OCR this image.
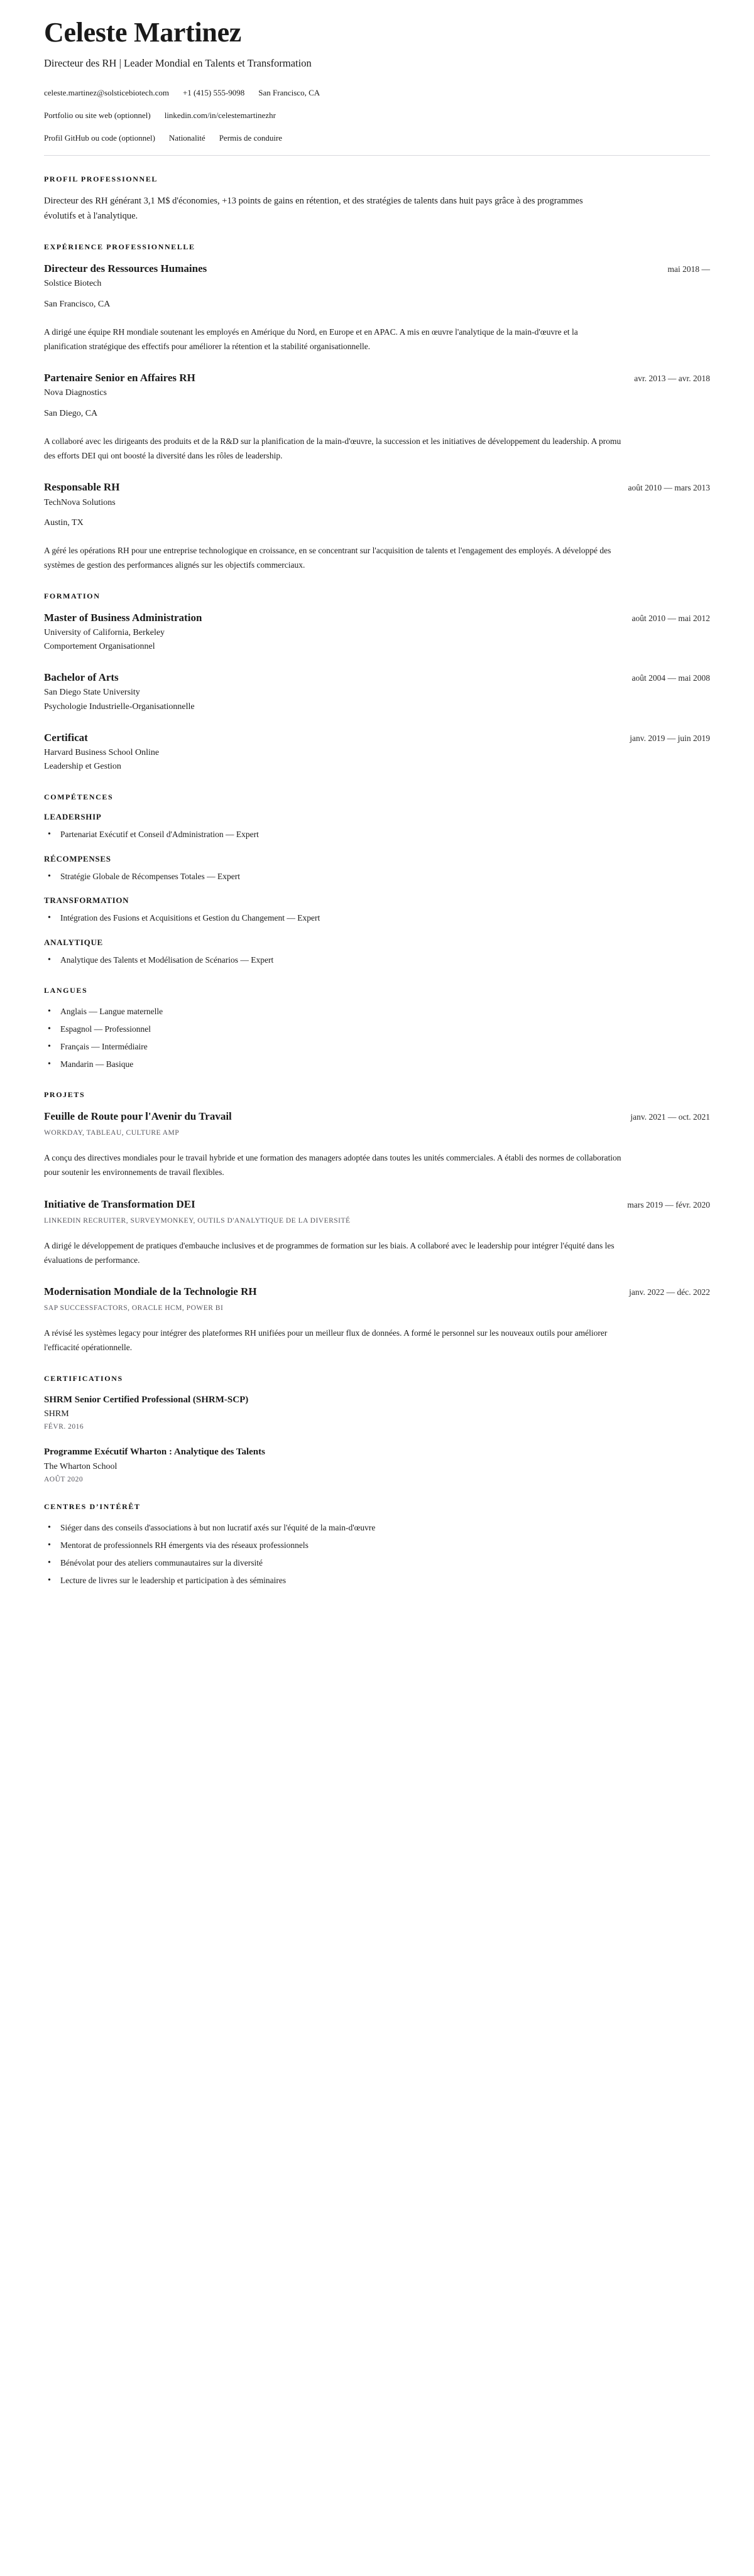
Celeste Martinez

Directeur des RH | Leader Mondial en Talents et Transformation

celeste.martinez@solsticebiotech.com +1 (415) 555-9098 San Francisco, CA
Portfolio ou site web (optionnel) linkedin.com/in/celestemartinezhr
Profil GitHub ou code (optionnel) Nationalité Permis de conduire
PROFIL PROFESSIONNEL

Directeur des RH générant 3,1 M$ d'économies, +13 points de gains en rétention, et des stratégies de talents dans huit pays grâce à des programmes évolutifs et à l'analytique.

EXPÉRIENCE PROFESSIONNELLE
Directeur des Ressources Humaines	mai 2018 —

Solstice Biotech

San Francisco, CA

A dirigé une équipe RH mondiale soutenant les employés en Amérique du Nord, en Europe et en APAC. A mis en œuvre l'analytique de la main-d'œuvre et la planification stratégique des effectifs pour améliorer la rétention et la stabilité organisationnelle.

Partenaire Senior en Affaires RH	avr. 2013 — avr. 2018

Nova Diagnostics

San Diego, CA

A collaboré avec les dirigeants des produits et de la R&D sur la planification de la main-d'œuvre, la succession et les initiatives de développement du leadership. A promu des efforts DEI qui ont boosté la diversité dans les rôles de leadership.

Responsable RH	août 2010 — mars 2013

TechNova Solutions

Austin, TX

A géré les opérations RH pour une entreprise technologique en croissance, en se concentrant sur l'acquisition de talents et l'engagement des employés. A développé des systèmes de gestion des performances alignés sur les objectifs commerciaux.

FORMATION
Master of Business Administration	août 2010 — mai 2012

University of California, Berkeley

Comportement Organisationnel

Bachelor of Arts	août 2004 — mai 2008

San Diego State University

Psychologie Industrielle-Organisationnelle

Certificat	janv. 2019 — juin 2019

Harvard Business School Online

Leadership et Gestion

COMPÉTENCES
LEADERSHIP
• Partenariat Exécutif et Conseil d'Administration — Expert
RÉCOMPENSES
• Stratégie Globale de Récompenses Totales — Expert
TRANSFORMATION
• Intégration des Fusions et Acquisitions et Gestion du Changement — Expert
ANALYTIQUE
• Analytique des Talents et Modélisation de Scénarios — Expert
LANGUES
• Anglais — Langue maternelle
• Espagnol — Professionnel
• Français — Intermédiaire
• Mandarin — Basique
PROJETS
Feuille de Route pour l'Avenir du Travail	janv. 2021 — oct. 2021

WORKDAY, TABLEAU, CULTURE AMP

A conçu des directives mondiales pour le travail hybride et une formation des managers adoptée dans toutes les unités commerciales. A établi des normes de collaboration pour soutenir les environnements de travail flexibles.

Initiative de Transformation DEI	mars 2019 — févr. 2020

LINKEDIN RECRUITER, SURVEYMONKEY, OUTILS D'ANALYTIQUE DE LA DIVERSITÉ

A dirigé le développement de pratiques d'embauche inclusives et de programmes de formation sur les biais. A collaboré avec le leadership pour intégrer l'équité dans les évaluations de performance.

Modernisation Mondiale de la Technologie RH	janv. 2022 — déc. 2022

SAP SUCCESSFACTORS, ORACLE HCM, POWER BI

A révisé les systèmes legacy pour intégrer des plateformes RH unifiées pour un meilleur flux de données. A formé le personnel sur les nouveaux outils pour améliorer l'efficacité opérationnelle.

CERTIFICATIONS
SHRM Senior Certified Professional (SHRM-SCP)

SHRM

FÉVR. 2016

Programme Exécutif Wharton : Analytique des Talents

The Wharton School

AOÛT 2020

CENTRES D’INTÉRÊT
• Siéger dans des conseils d'associations à but non lucratif axés sur l'équité de la main-d'œuvre
• Mentorat de professionnels RH émergents via des réseaux professionnels
• Bénévolat pour des ateliers communautaires sur la diversité
• Lecture de livres sur le leadership et participation à des séminaires
